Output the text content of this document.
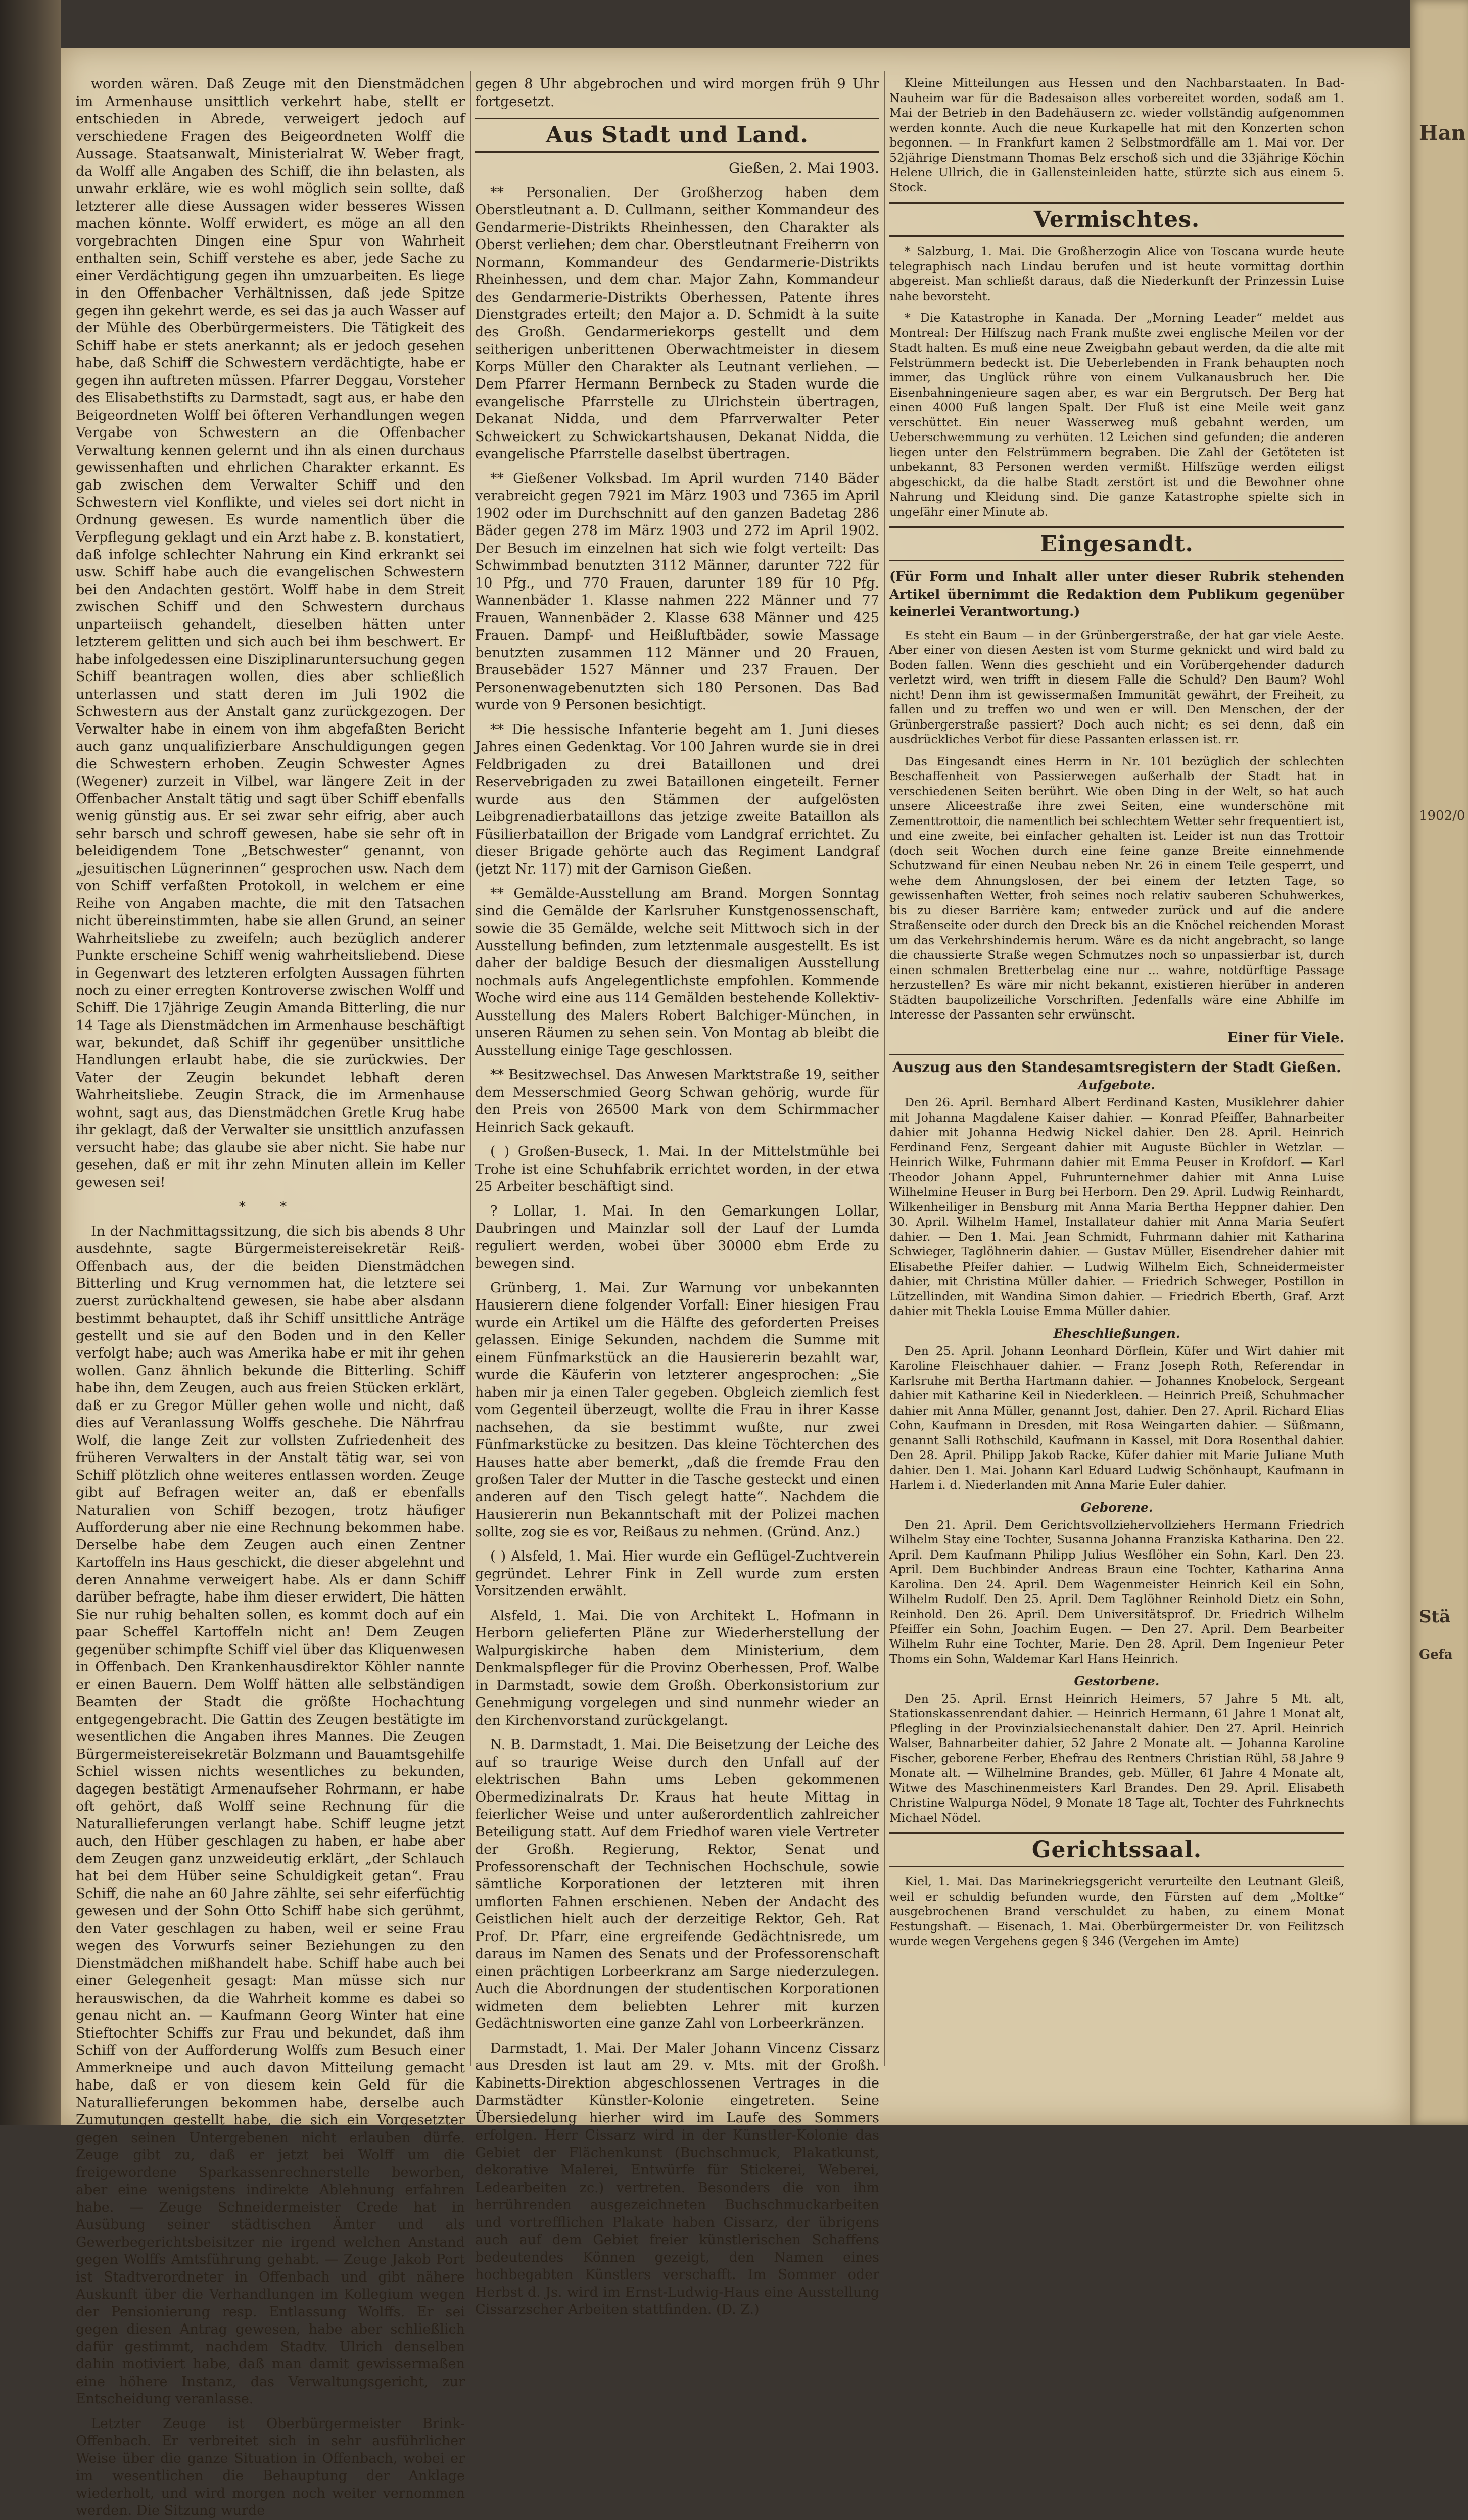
worden wären. Daß Zeuge mit den Dienstmädchen im Armenhause unsittlich verkehrt habe, stellt er entschieden in Abrede, verweigert jedoch auf verschiedene Fragen des Beigeordneten Wolff die Aussage. Staatsanwalt, Ministerialrat W. Weber fragt, da Wolff alle Angaben des Schiff, die ihn belasten, als unwahr erkläre, wie es wohl möglich sein sollte, daß letzterer alle diese Aussagen wider besseres Wissen machen könnte. Wolff erwidert, es möge an all den vorgebrachten Dingen eine Spur von Wahrheit enthalten sein, Schiff verstehe es aber, jede Sache zu einer Verdächtigung gegen ihn umzuarbeiten. Es liege in den Offenbacher Verhältnissen, daß jede Spitze gegen ihn gekehrt werde, es sei das ja auch Wasser auf der Mühle des Oberbürgermeisters. Die Tätigkeit des Schiff habe er stets anerkannt; als er jedoch gesehen habe, daß Schiff die Schwestern verdächtigte, habe er gegen ihn auftreten müssen. Pfarrer Deggau, Vorsteher des Elisabethstifts zu Darmstadt, sagt aus, er habe den Beigeordneten Wolff bei öfteren Verhandlungen wegen Vergabe von Schwestern an die Offenbacher Verwaltung kennen gelernt und ihn als einen durchaus gewissenhaften und ehrlichen Charakter erkannt. Es gab zwischen dem Verwalter Schiff und den Schwestern viel Konflikte, und vieles sei dort nicht in Ordnung gewesen. Es wurde namentlich über die Verpflegung geklagt und ein Arzt habe z. B. konstatiert, daß infolge schlechter Nahrung ein Kind erkrankt sei usw. Schiff habe auch die evangelischen Schwestern bei den Andachten gestört. Wolff habe in dem Streit zwischen Schiff und den Schwestern durchaus unparteiisch gehandelt, dieselben hätten unter letzterem gelitten und sich auch bei ihm beschwert. Er habe infolgedessen eine Disziplinaruntersuchung gegen Schiff beantragen wollen, dies aber schließlich unterlassen und statt deren im Juli 1902 die Schwestern aus der Anstalt ganz zurückgezogen. Der Verwalter habe in einem von ihm abgefaßten Bericht auch ganz unqualifizierbare Anschuldigungen gegen die Schwestern erhoben. Zeugin Schwester Agnes (Wegener) zurzeit in Vilbel, war längere Zeit in der Offenbacher Anstalt tätig und sagt über Schiff ebenfalls wenig günstig aus. Er sei zwar sehr eifrig, aber auch sehr barsch und schroff gewesen, habe sie sehr oft in beleidigendem Tone „Betschwester“ genannt, von „jesuitischen Lügnerinnen“ gesprochen usw. Nach dem von Schiff verfaßten Protokoll, in welchem er eine Reihe von Angaben machte, die mit den Tatsachen nicht übereinstimmten, habe sie allen Grund, an seiner Wahrheitsliebe zu zweifeln; auch bezüglich anderer Punkte erscheine Schiff wenig wahrheitsliebend. Diese in Gegenwart des letzteren erfolgten Aussagen führten noch zu einer erregten Kontroverse zwischen Wolff und Schiff. Die 17jährige Zeugin Amanda Bitterling, die nur 14 Tage als Dienstmädchen im Armenhause beschäftigt war, bekundet, daß Schiff ihr gegenüber unsittliche Handlungen erlaubt habe, die sie zurückwies. Der Vater der Zeugin bekundet lebhaft deren Wahrheitsliebe. Zeugin Strack, die im Armenhause wohnt, sagt aus, das Dienstmädchen Gretle Krug habe ihr geklagt, daß der Verwalter sie unsittlich anzufassen versucht habe; das glaube sie aber nicht. Sie habe nur gesehen, daß er mit ihr zehn Minuten allein im Keller gewesen sei!

* *

In der Nachmittagssitzung, die sich bis abends 8 Uhr ausdehnte, sagte Bürgermeistereisekretär Reiß-Offenbach aus, der die beiden Dienstmädchen Bitterling und Krug vernommen hat, die letztere sei zuerst zurückhaltend gewesen, sie habe aber alsdann bestimmt behauptet, daß ihr Schiff unsittliche Anträge gestellt und sie auf den Boden und in den Keller verfolgt habe; auch was Amerika habe er mit ihr gehen wollen. Ganz ähnlich bekunde die Bitterling. Schiff habe ihn, dem Zeugen, auch aus freien Stücken erklärt, daß er zu Gregor Müller gehen wolle und nicht, daß dies auf Veranlassung Wolffs geschehe. Die Nährfrau Wolf, die lange Zeit zur vollsten Zufriedenheit des früheren Verwalters in der Anstalt tätig war, sei von Schiff plötzlich ohne weiteres entlassen worden. Zeuge gibt auf Befragen weiter an, daß er ebenfalls Naturalien von Schiff bezogen, trotz häufiger Aufforderung aber nie eine Rechnung bekommen habe. Derselbe habe dem Zeugen auch einen Zentner Kartoffeln ins Haus geschickt, die dieser abgelehnt und deren Annahme verweigert habe. Als er dann Schiff darüber befragte, habe ihm dieser erwidert, Die hätten Sie nur ruhig behalten sollen, es kommt doch auf ein paar Scheffel Kartoffeln nicht an! Dem Zeugen gegenüber schimpfte Schiff viel über das Kliquenwesen in Offenbach. Den Krankenhausdirektor Köhler nannte er einen Bauern. Dem Wolff hätten alle selbständigen Beamten der Stadt die größte Hochachtung entgegengebracht. Die Gattin des Zeugen bestätigte im wesentlichen die Angaben ihres Mannes. Die Zeugen Bürgermeistereisekretär Bolzmann und Bauamtsgehilfe Schiel wissen nichts wesentliches zu bekunden, dagegen bestätigt Armenaufseher Rohrmann, er habe oft gehört, daß Wolff seine Rechnung für die Naturallieferungen verlangt habe. Schiff leugne jetzt auch, den Hüber geschlagen zu haben, er habe aber dem Zeugen ganz unzweideutig erklärt, „der Schlauch hat bei dem Hüber seine Schuldigkeit getan“. Frau Schiff, die nahe an 60 Jahre zählte, sei sehr eiferfüchtig gewesen und der Sohn Otto Schiff habe sich gerühmt, den Vater geschlagen zu haben, weil er seine Frau wegen des Vorwurfs seiner Beziehungen zu den Dienstmädchen mißhandelt habe. Schiff habe auch bei einer Gelegenheit gesagt: Man müsse sich nur herauswischen, da die Wahrheit komme es dabei so genau nicht an. — Kaufmann Georg Winter hat eine Stieftochter Schiffs zur Frau und bekundet, daß ihm Schiff von der Aufforderung Wolffs zum Besuch einer Ammerkneipe und auch davon Mitteilung gemacht habe, daß er von diesem kein Geld für die Naturallieferungen bekommen habe, derselbe auch Zumutungen gestellt habe, die sich ein Vorgesetzter gegen seinen Untergebenen nicht erlauben dürfe. Zeuge gibt zu, daß er jetzt bei Wolff um die freigewordene Sparkassenrechnerstelle beworben, aber eine wenigstens indirekte Ablehnung erfahren habe. — Zeuge Schneidermeister Crede hat in Ausübung seiner städtischen Ämter und als Gewerbegerichtsbeisitzer nie irgend welchen Anstand gegen Wolffs Amtsführung gehabt. — Zeuge Jakob Port ist Stadtverordneter in Offenbach und gibt nähere Auskunft über die Verhandlungen im Kollegium wegen der Pensionierung resp. Entlassung Wolffs. Er sei gegen diesen Antrag gewesen, habe aber schließlich dafür gestimmt, nachdem Stadtv. Ulrich denselben dahin motiviert habe, daß man damit gewissermaßen eine höhere Instanz, das Verwaltungsgericht, zur Entscheidung veranlasse.

Letzter Zeuge ist Oberbürgermeister Brink-Offenbach. Er verbreitet sich in sehr ausführlicher Weise über die ganze Situation in Offenbach, wobei er im wesentlichen die Behauptung der Anklage wiederholt, und wird morgen noch weiter vernommen werden. Die Sitzung wurde

gegen 8 Uhr abgebrochen und wird morgen früh 9 Uhr fortgesetzt.

Aus Stadt und Land.

Gießen, 2. Mai 1903.

** Personalien. Der Großherzog haben dem Oberstleutnant a. D. Cullmann, seither Kommandeur des Gendarmerie-Distrikts Rheinhessen, den Charakter als Oberst verliehen; dem char. Oberstleutnant Freiherrn von Normann, Kommandeur des Gendarmerie-Distrikts Rheinhessen, und dem char. Major Zahn, Kommandeur des Gendarmerie-Distrikts Oberhessen, Patente ihres Dienstgrades erteilt; den Major a. D. Schmidt à la suite des Großh. Gendarmeriekorps gestellt und dem seitherigen unberittenen Oberwachtmeister in diesem Korps Müller den Charakter als Leutnant verliehen. — Dem Pfarrer Hermann Bernbeck zu Staden wurde die evangelische Pfarrstelle zu Ulrichstein übertragen, Dekanat Nidda, und dem Pfarrverwalter Peter Schweickert zu Schwickartshausen, Dekanat Nidda, die evangelische Pfarrstelle daselbst übertragen.

** Gießener Volksbad. Im April wurden 7140 Bäder verabreicht gegen 7921 im März 1903 und 7365 im April 1902 oder im Durchschnitt auf den ganzen Badetag 286 Bäder gegen 278 im März 1903 und 272 im April 1902. Der Besuch im einzelnen hat sich wie folgt verteilt: Das Schwimmbad benutzten 3112 Männer, darunter 722 für 10 Pfg., und 770 Frauen, darunter 189 für 10 Pfg. Wannenbäder 1. Klasse nahmen 222 Männer und 77 Frauen, Wannenbäder 2. Klasse 638 Männer und 425 Frauen. Dampf- und Heißluftbäder, sowie Massage benutzten zusammen 112 Männer und 20 Frauen, Brausebäder 1527 Männer und 237 Frauen. Der Personenwagebenutzten sich 180 Personen. Das Bad wurde von 9 Personen besichtigt.

** Die hessische Infanterie begeht am 1. Juni dieses Jahres einen Gedenktag. Vor 100 Jahren wurde sie in drei Feldbrigaden zu drei Bataillonen und drei Reservebrigaden zu zwei Bataillonen eingeteilt. Ferner wurde aus den Stämmen der aufgelösten Leibgrenadierbataillons das jetzige zweite Bataillon als Füsilierbataillon der Brigade vom Landgraf errichtet. Zu dieser Brigade gehörte auch das Regiment Landgraf (jetzt Nr. 117) mit der Garnison Gießen.

** Gemälde-Ausstellung am Brand. Morgen Sonntag sind die Gemälde der Karlsruher Kunstgenossenschaft, sowie die 35 Gemälde, welche seit Mittwoch sich in der Ausstellung befinden, zum letztenmale ausgestellt. Es ist daher der baldige Besuch der diesmaligen Ausstellung nochmals aufs Angelegentlichste empfohlen. Kommende Woche wird eine aus 114 Gemälden bestehende Kollektiv-Ausstellung des Malers Robert Balchiger-München, in unseren Räumen zu sehen sein. Von Montag ab bleibt die Ausstellung einige Tage geschlossen.

** Besitzwechsel. Das Anwesen Marktstraße 19, seither dem Messerschmied Georg Schwan gehörig, wurde für den Preis von 26500 Mark von dem Schirmmacher Heinrich Sack gekauft.

( ) Großen-Buseck, 1. Mai. In der Mittelstmühle bei Trohe ist eine Schuhfabrik errichtet worden, in der etwa 25 Arbeiter beschäftigt sind.

? Lollar, 1. Mai. In den Gemarkungen Lollar, Daubringen und Mainzlar soll der Lauf der Lumda reguliert werden, wobei über 30000 ebm Erde zu bewegen sind.

Grünberg, 1. Mai. Zur Warnung vor unbekannten Hausierern diene folgender Vorfall: Einer hiesigen Frau wurde ein Artikel um die Hälfte des geforderten Preises gelassen. Einige Sekunden, nachdem die Summe mit einem Fünfmarkstück an die Hausiererin bezahlt war, wurde die Käuferin von letzterer angesprochen: „Sie haben mir ja einen Taler gegeben. Obgleich ziemlich fest vom Gegenteil überzeugt, wollte die Frau in ihrer Kasse nachsehen, da sie bestimmt wußte, nur zwei Fünfmarkstücke zu besitzen. Das kleine Töchterchen des Hauses hatte aber bemerkt, „daß die fremde Frau den großen Taler der Mutter in die Tasche gesteckt und einen anderen auf den Tisch gelegt hatte“. Nachdem die Hausiererin nun Bekanntschaft mit der Polizei machen sollte, zog sie es vor, Reißaus zu nehmen. (Gründ. Anz.)

( ) Alsfeld, 1. Mai. Hier wurde ein Geflügel-Zuchtverein gegründet. Lehrer Fink in Zell wurde zum ersten Vorsitzenden erwählt.

Alsfeld, 1. Mai. Die von Architekt L. Hofmann in Herborn gelieferten Pläne zur Wiederherstellung der Walpurgiskirche haben dem Ministerium, dem Denkmalspfleger für die Provinz Oberhessen, Prof. Walbe in Darmstadt, sowie dem Großh. Oberkonsistorium zur Genehmigung vorgelegen und sind nunmehr wieder an den Kirchenvorstand zurückgelangt.

N. B. Darmstadt, 1. Mai. Die Beisetzung der Leiche des auf so traurige Weise durch den Unfall auf der elektrischen Bahn ums Leben gekommenen Obermedizinalrats Dr. Kraus hat heute Mittag in feierlicher Weise und unter außerordentlich zahlreicher Beteiligung statt. Auf dem Friedhof waren viele Vertreter der Großh. Regierung, Rektor, Senat und Professorenschaft der Technischen Hochschule, sowie sämtliche Korporationen der letzteren mit ihren umflorten Fahnen erschienen. Neben der Andacht des Geistlichen hielt auch der derzeitige Rektor, Geh. Rat Prof. Dr. Pfarr, eine ergreifende Gedächtnisrede, um daraus im Namen des Senats und der Professorenschaft einen prächtigen Lorbeerkranz am Sarge niederzulegen. Auch die Abordnungen der studentischen Korporationen widmeten dem beliebten Lehrer mit kurzen Gedächtnisworten eine ganze Zahl von Lorbeerkränzen.

Darmstadt, 1. Mai. Der Maler Johann Vincenz Cissarz aus Dresden ist laut am 29. v. Mts. mit der Großh. Kabinetts-Direktion abgeschlossenen Vertrages in die Darmstädter Künstler-Kolonie eingetreten. Seine Übersiedelung hierher wird im Laufe des Sommers erfolgen. Herr Cissarz wird in der Künstler-Kolonie das Gebiet der Flächenkunst (Buchschmuck, Plakatkunst, dekorative Malerei, Entwürfe für Stickerei, Weberei, Ledearbeiten zc.) vertreten. Besonders die von ihm herrührenden ausgezeichneten Buchschmuckarbeiten und vortrefflichen Plakate haben Cissarz, der übrigens auch auf dem Gebiet freier künstlerischen Schaffens bedeutendes Können gezeigt, den Namen eines hochbegabten Künstlers verschafft. Im Sommer oder Herbst d. Js. wird im Ernst-Ludwig-Haus eine Ausstellung Cissarzscher Arbeiten stattfinden. (D. Z.)

Kleine Mitteilungen aus Hessen und den Nachbarstaaten. In Bad-Nauheim war für die Badesaison alles vorbereitet worden, sodaß am 1. Mai der Betrieb in den Badehäusern zc. wieder vollständig aufgenommen werden konnte. Auch die neue Kurkapelle hat mit den Konzerten schon begonnen. — In Frankfurt kamen 2 Selbstmordfälle am 1. Mai vor. Der 52jährige Dienstmann Thomas Belz erschoß sich und die 33jährige Köchin Helene Ullrich, die in Gallensteinleiden hatte, stürzte sich aus einem 5. Stock.

Vermischtes.

* Salzburg, 1. Mai. Die Großherzogin Alice von Toscana wurde heute telegraphisch nach Lindau berufen und ist heute vormittag dorthin abgereist. Man schließt daraus, daß die Niederkunft der Prinzessin Luise nahe bevorsteht.

* Die Katastrophe in Kanada. Der „Morning Leader“ meldet aus Montreal: Der Hilfszug nach Frank mußte zwei englische Meilen vor der Stadt halten. Es muß eine neue Zweigbahn gebaut werden, da die alte mit Felstrümmern bedeckt ist. Die Ueberlebenden in Frank behaupten noch immer, das Unglück rühre von einem Vulkanausbruch her. Die Eisenbahningenieure sagen aber, es war ein Bergrutsch. Der Berg hat einen 4000 Fuß langen Spalt. Der Fluß ist eine Meile weit ganz verschüttet. Ein neuer Wasserweg muß gebahnt werden, um Ueberschwemmung zu verhüten. 12 Leichen sind gefunden; die anderen liegen unter den Felstrümmern begraben. Die Zahl der Getöteten ist unbekannt, 83 Personen werden vermißt. Hilfszüge werden eiligst abgeschickt, da die halbe Stadt zerstört ist und die Bewohner ohne Nahrung und Kleidung sind. Die ganze Katastrophe spielte sich in ungefähr einer Minute ab.

Eingesandt.

(Für Form und Inhalt aller unter dieser Rubrik stehenden Artikel übernimmt die Redaktion dem Publikum gegenüber keinerlei Verantwortung.)

Es steht ein Baum — in der Grünbergerstraße, der hat gar viele Aeste. Aber einer von diesen Aesten ist vom Sturme geknickt und wird bald zu Boden fallen. Wenn dies geschieht und ein Vorübergehender dadurch verletzt wird, wen trifft in diesem Falle die Schuld? Den Baum? Wohl nicht! Denn ihm ist gewissermaßen Immunität gewährt, der Freiheit, zu fallen und zu treffen wo und wen er will. Den Menschen, der der Grünbergerstraße passiert? Doch auch nicht; es sei denn, daß ein ausdrückliches Verbot für diese Passanten erlassen ist. rr.

Das Eingesandt eines Herrn in Nr. 101 bezüglich der schlechten Beschaffenheit von Passierwegen außerhalb der Stadt hat in verschiedenen Seiten berührt. Wie oben Ding in der Welt, so hat auch unsere Aliceestraße ihre zwei Seiten, eine wunderschöne mit Zementtrottoir, die namentlich bei schlechtem Wetter sehr frequentiert ist, und eine zweite, bei einfacher gehalten ist. Leider ist nun das Trottoir (doch seit Wochen durch eine feine ganze Breite einnehmende Schutzwand für einen Neubau neben Nr. 26 in einem Teile gesperrt, und wehe dem Ahnungslosen, der bei einem der letzten Tage, so gewissenhaften Wetter, froh seines noch relativ sauberen Schuhwerkes, bis zu dieser Barrière kam; entweder zurück und auf die andere Straßenseite oder durch den Dreck bis an die Knöchel reichenden Morast um das Verkehrshindernis herum. Wäre es da nicht angebracht, so lange die chaussierte Straße wegen Schmutzes noch so unpassierbar ist, durch einen schmalen Bretterbelag eine nur ... wahre, notdürftige Passage herzustellen? Es wäre mir nicht bekannt, existieren hierüber in anderen Städten baupolizeiliche Vorschriften. Jedenfalls wäre eine Abhilfe im Interesse der Passanten sehr erwünscht.

Einer für Viele.

Auszug aus den Standesamtsregistern der Stadt Gießen.
Aufgebote.

Den 26. April. Bernhard Albert Ferdinand Kasten, Musiklehrer dahier mit Johanna Magdalene Kaiser dahier. — Konrad Pfeiffer, Bahnarbeiter dahier mit Johanna Hedwig Nickel dahier. Den 28. April. Heinrich Ferdinand Fenz, Sergeant dahier mit Auguste Büchler in Wetzlar. — Heinrich Wilke, Fuhrmann dahier mit Emma Peuser in Krofdorf. — Karl Theodor Johann Appel, Fuhrunternehmer dahier mit Anna Luise Wilhelmine Heuser in Burg bei Herborn. Den 29. April. Ludwig Reinhardt, Wilkenheiliger in Bensburg mit Anna Maria Bertha Heppner dahier. Den 30. April. Wilhelm Hamel, Installateur dahier mit Anna Maria Seufert dahier. — Den 1. Mai. Jean Schmidt, Fuhrmann dahier mit Katharina Schwieger, Taglöhnerin dahier. — Gustav Müller, Eisendreher dahier mit Elisabethe Pfeifer dahier. — Ludwig Wilhelm Eich, Schneidermeister dahier, mit Christina Müller dahier. — Friedrich Schweger, Postillon in Lützellinden, mit Wandina Simon dahier. — Friedrich Eberth, Graf. Arzt dahier mit Thekla Louise Emma Müller dahier.

Eheschließungen.

Den 25. April. Johann Leonhard Dörflein, Küfer und Wirt dahier mit Karoline Fleischhauer dahier. — Franz Joseph Roth, Referendar in Karlsruhe mit Bertha Hartmann dahier. — Johannes Knobelock, Sergeant dahier mit Katharine Keil in Niederkleen. — Heinrich Preiß, Schuhmacher dahier mit Anna Müller, genannt Jost, dahier. Den 27. April. Richard Elias Cohn, Kaufmann in Dresden, mit Rosa Weingarten dahier. — Süßmann, genannt Salli Rothschild, Kaufmann in Kassel, mit Dora Rosenthal dahier. Den 28. April. Philipp Jakob Racke, Küfer dahier mit Marie Juliane Muth dahier. Den 1. Mai. Johann Karl Eduard Ludwig Schönhaupt, Kaufmann in Harlem i. d. Niederlanden mit Anna Marie Euler dahier.

Geborene.

Den 21. April. Dem Gerichtsvollziehervollziehers Hermann Friedrich Wilhelm Stay eine Tochter, Susanna Johanna Franziska Katharina. Den 22. April. Dem Kaufmann Philipp Julius Wesflöher ein Sohn, Karl. Den 23. April. Dem Buchbinder Andreas Braun eine Tochter, Katharina Anna Karolina. Den 24. April. Dem Wagenmeister Heinrich Keil ein Sohn, Wilhelm Rudolf. Den 25. April. Dem Taglöhner Reinhold Dietz ein Sohn, Reinhold. Den 26. April. Dem Universitätsprof. Dr. Friedrich Wilhelm Pfeiffer ein Sohn, Joachim Eugen. — Den 27. April. Dem Bearbeiter Wilhelm Ruhr eine Tochter, Marie. Den 28. April. Dem Ingenieur Peter Thoms ein Sohn, Waldemar Karl Hans Heinrich.

Gestorbene.

Den 25. April. Ernst Heinrich Heimers, 57 Jahre 5 Mt. alt, Stationskassenrendant dahier. — Heinrich Hermann, 61 Jahre 1 Monat alt, Pflegling in der Provinzialsiechenanstalt dahier. Den 27. April. Heinrich Walser, Bahnarbeiter dahier, 52 Jahre 2 Monate alt. — Johanna Karoline Fischer, geborene Ferber, Ehefrau des Rentners Christian Rühl, 58 Jahre 9 Monate alt. — Wilhelmine Brandes, geb. Müller, 61 Jahre 4 Monate alt, Witwe des Maschinenmeisters Karl Brandes. Den 29. April. Elisabeth Christine Walpurga Nödel, 9 Monate 18 Tage alt, Tochter des Fuhrknechts Michael Nödel.

Gerichtssaal.

Kiel, 1. Mai. Das Marinekriegsgericht verurteilte den Leutnant Gleiß, weil er schuldig befunden wurde, den Fürsten auf dem „Moltke“ ausgebrochenen Brand verschuldet zu haben, zu einem Monat Festungshaft. — Eisenach, 1. Mai. Oberbürgermeister Dr. von Feilitzsch wurde wegen Vergehens gegen § 346 (Vergehen im Amte)

Han

1902/0

Gefa

Stä
